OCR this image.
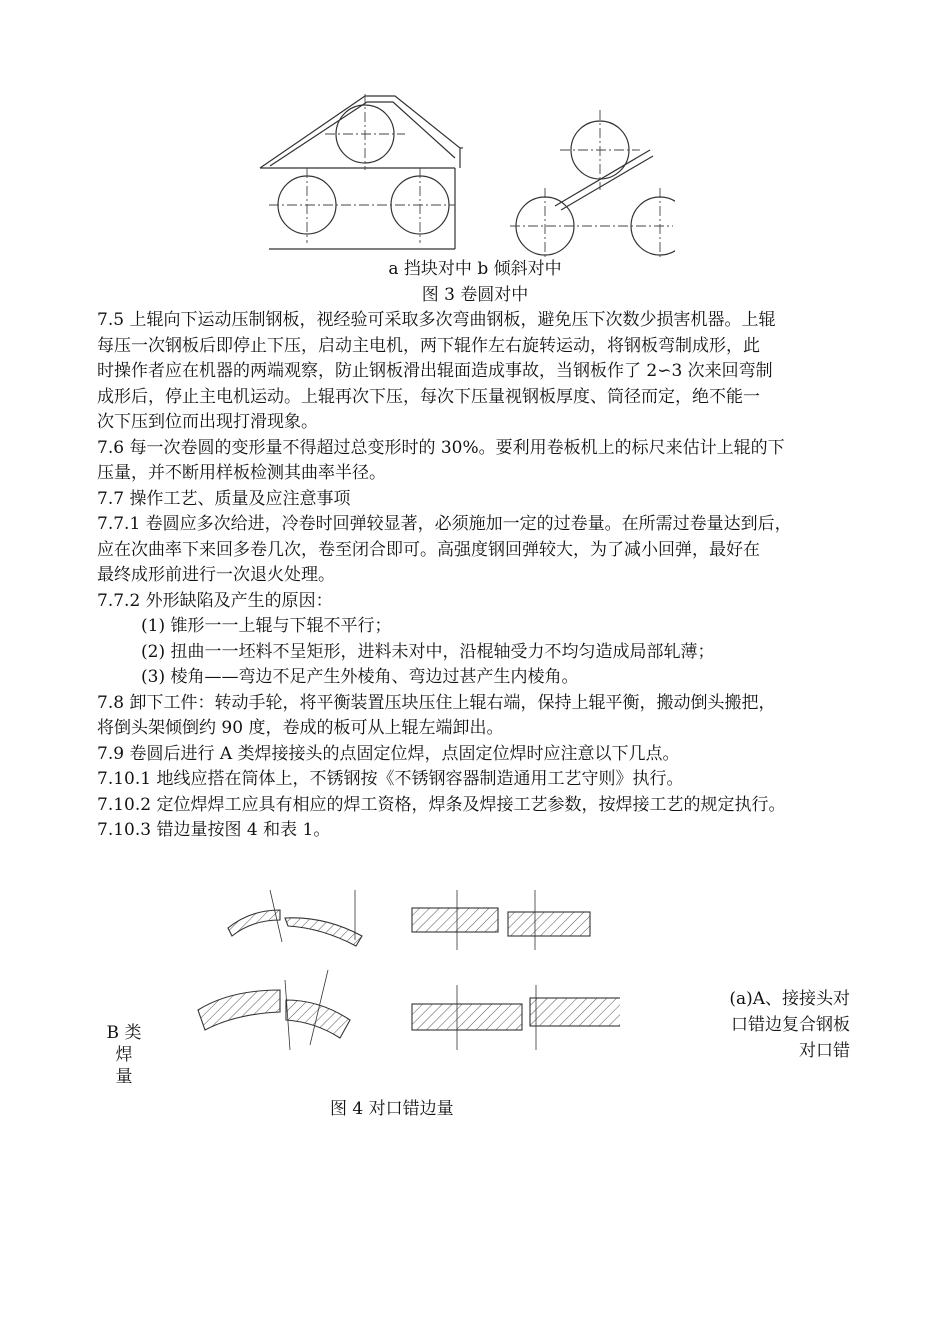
a 挡块对中 b 倾斜对中
图 3 卷圆对中

7.5 上辊向下运动压制钢板，视经验可采取多次弯曲钢板，避免压下次数少损害机器。上辊

每压一次钢板后即停止下压，启动主电机，两下辊作左右旋转运动，将钢板弯制成形，此

时操作者应在机器的两端观察，防止钢板滑出辊面造成事故，当钢板作了 2∽3 次来回弯制

成形后，停止主电机运动。上辊再次下压，每次下压量视钢板厚度、筒径而定，绝不能一

次下压到位而出现打滑现象。

7.6 每一次卷圆的变形量不得超过总变形时的 30%。要利用卷板机上的标尺来估计上辊的下

压量，并不断用样板检测其曲率半径。

7.7 操作工艺、质量及应注意事项

7.7.1 卷圆应多次给进，冷卷时回弹较显著，必须施加一定的过卷量。在所需过卷量达到后，

应在次曲率下来回多卷几次，卷至闭合即可。高强度钢回弹较大，为了减小回弹，最好在

最终成形前进行一次退火处理。

7.7.2 外形缺陷及产生的原因：

(1) 锥形一一上辊与下辊不平行；

(2) 扭曲一一坯料不呈矩形，进料未对中，沿棍轴受力不均匀造成局部轧薄；

(3) 棱角——弯边不足产生外棱角、弯边过甚产生内棱角。

7.8 卸下工件：转动手轮，将平衡装置压块压住上辊右端，保持上辊平衡，搬动倒头搬把，

将倒头架倾倒约 90 度，卷成的板可从上辊左端卸出。

7.9 卷圆后进行 A 类焊接接头的点固定位焊，点固定位焊时应注意以下几点。

7.10.1 地线应搭在筒体上，不锈钢按《不锈钢容器制造通用工艺守则》执行。

7.10.2 定位焊焊工应具有相应的焊工资格，焊条及焊接工艺参数，按焊接工艺的规定执行。

7.10.3 错边量按图 4 和表 1。

(a)A、接接头对
口错边复合钢板
对口错
B 类
焊
量
图 4 对口错边量
